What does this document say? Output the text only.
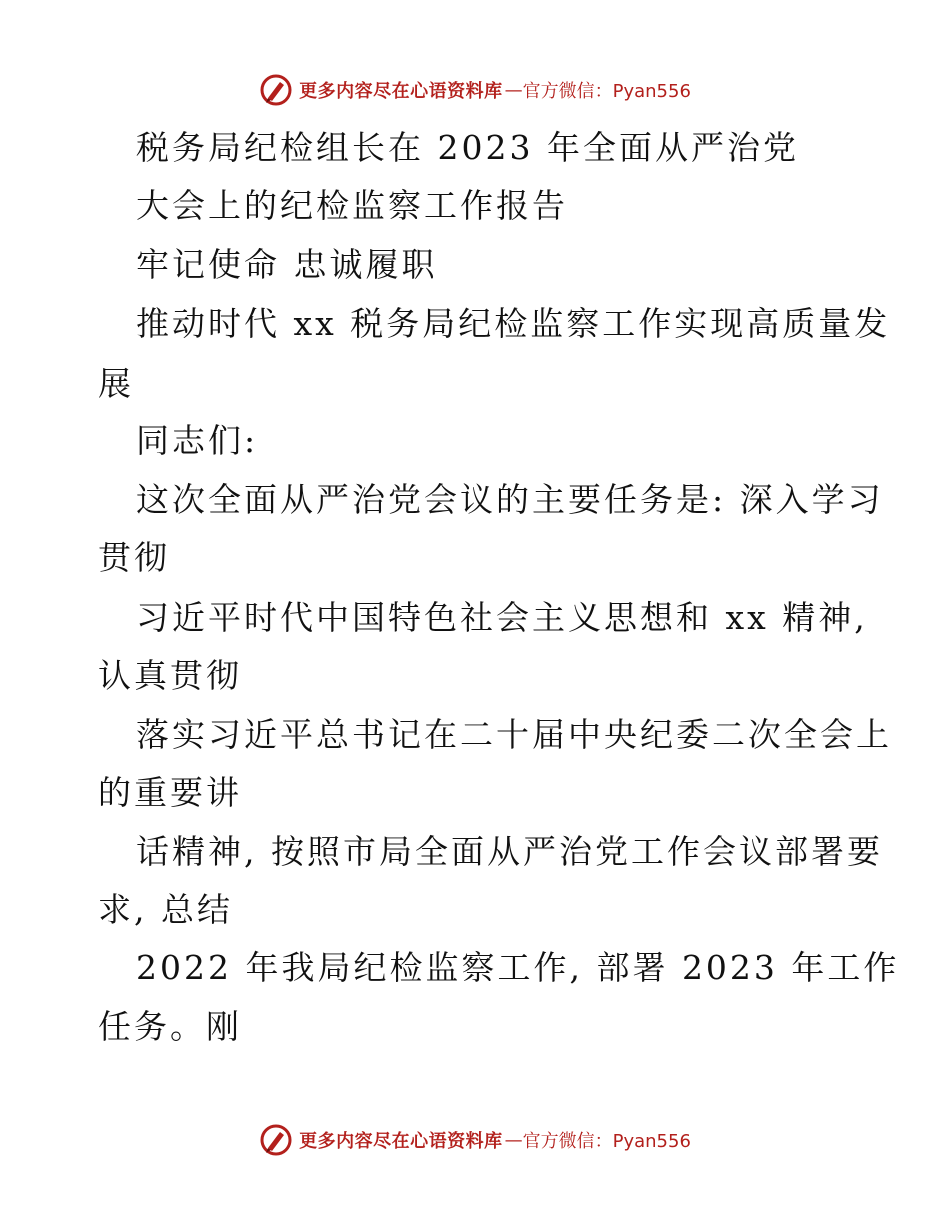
更多内容尽在心语资料库 — 官方微信：Pyan556
税务局纪检组长在 2023 年全面从严治党
大会上的纪检监察工作报告
牢记使命 忠诚履职
推动时代 xx 税务局纪检监察工作实现高质量发
展
同志们:
这次全面从严治党会议的主要任务是: 深入学习
贯彻
习近平时代中国特色社会主义思想和 xx 精神,
认真贯彻
落实习近平总书记在二十届中央纪委二次全会上
的重要讲
话精神, 按照市局全面从严治党工作会议部署要
求, 总结
2022 年我局纪检监察工作, 部署 2023 年工作
任务。刚
更多内容尽在心语资料库 — 官方微信：Pyan556
